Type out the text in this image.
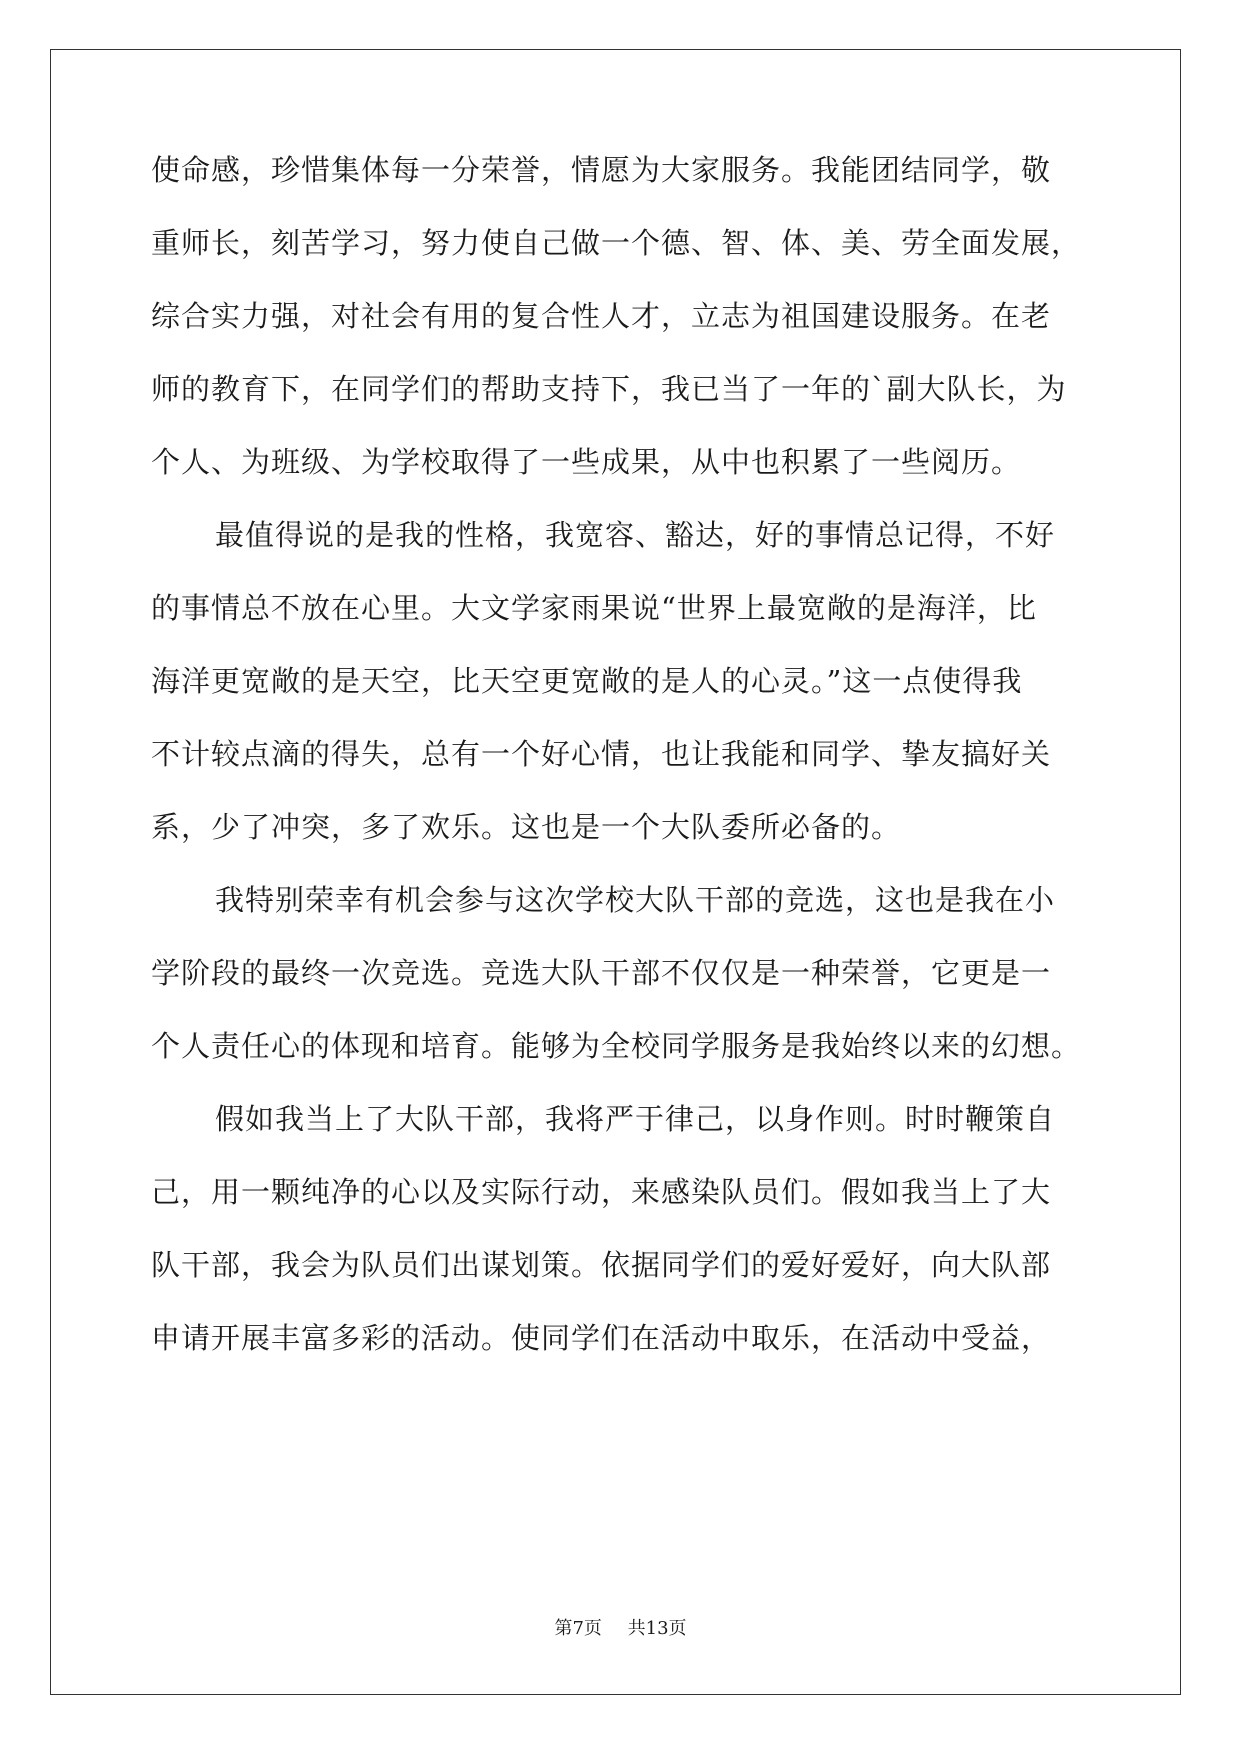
使命感，珍惜集体每一分荣誉，情愿为大家服务。我能团结同学，敬
重师长，刻苦学习，努力使自己做一个德、智、体、美、劳全面发展，
综合实力强，对社会有用的复合性人才，立志为祖国建设服务。在老
师的教育下，在同学们的帮助支持下，我已当了一年的`副大队长，为
个人、为班级、为学校取得了一些成果，从中也积累了一些阅历。
最值得说的是我的性格，我宽容、豁达，好的事情总记得，不好
的事情总不放在心里。大文学家雨果说“世界上最宽敞的是海洋，比
海洋更宽敞的是天空，比天空更宽敞的是人的心灵。”这一点使得我
不计较点滴的得失，总有一个好心情，也让我能和同学、挚友搞好关
系，少了冲突，多了欢乐。这也是一个大队委所必备的。
我特别荣幸有机会参与这次学校大队干部的竞选，这也是我在小
学阶段的最终一次竞选。竞选大队干部不仅仅是一种荣誉，它更是一
个人责任心的体现和培育。能够为全校同学服务是我始终以来的幻想。
假如我当上了大队干部，我将严于律己，以身作则。时时鞭策自
己，用一颗纯净的心以及实际行动，来感染队员们。假如我当上了大
队干部，我会为队员们出谋划策。依据同学们的爱好爱好，向大队部
申请开展丰富多彩的活动。使同学们在活动中取乐，在活动中受益，
第7页 共13页
